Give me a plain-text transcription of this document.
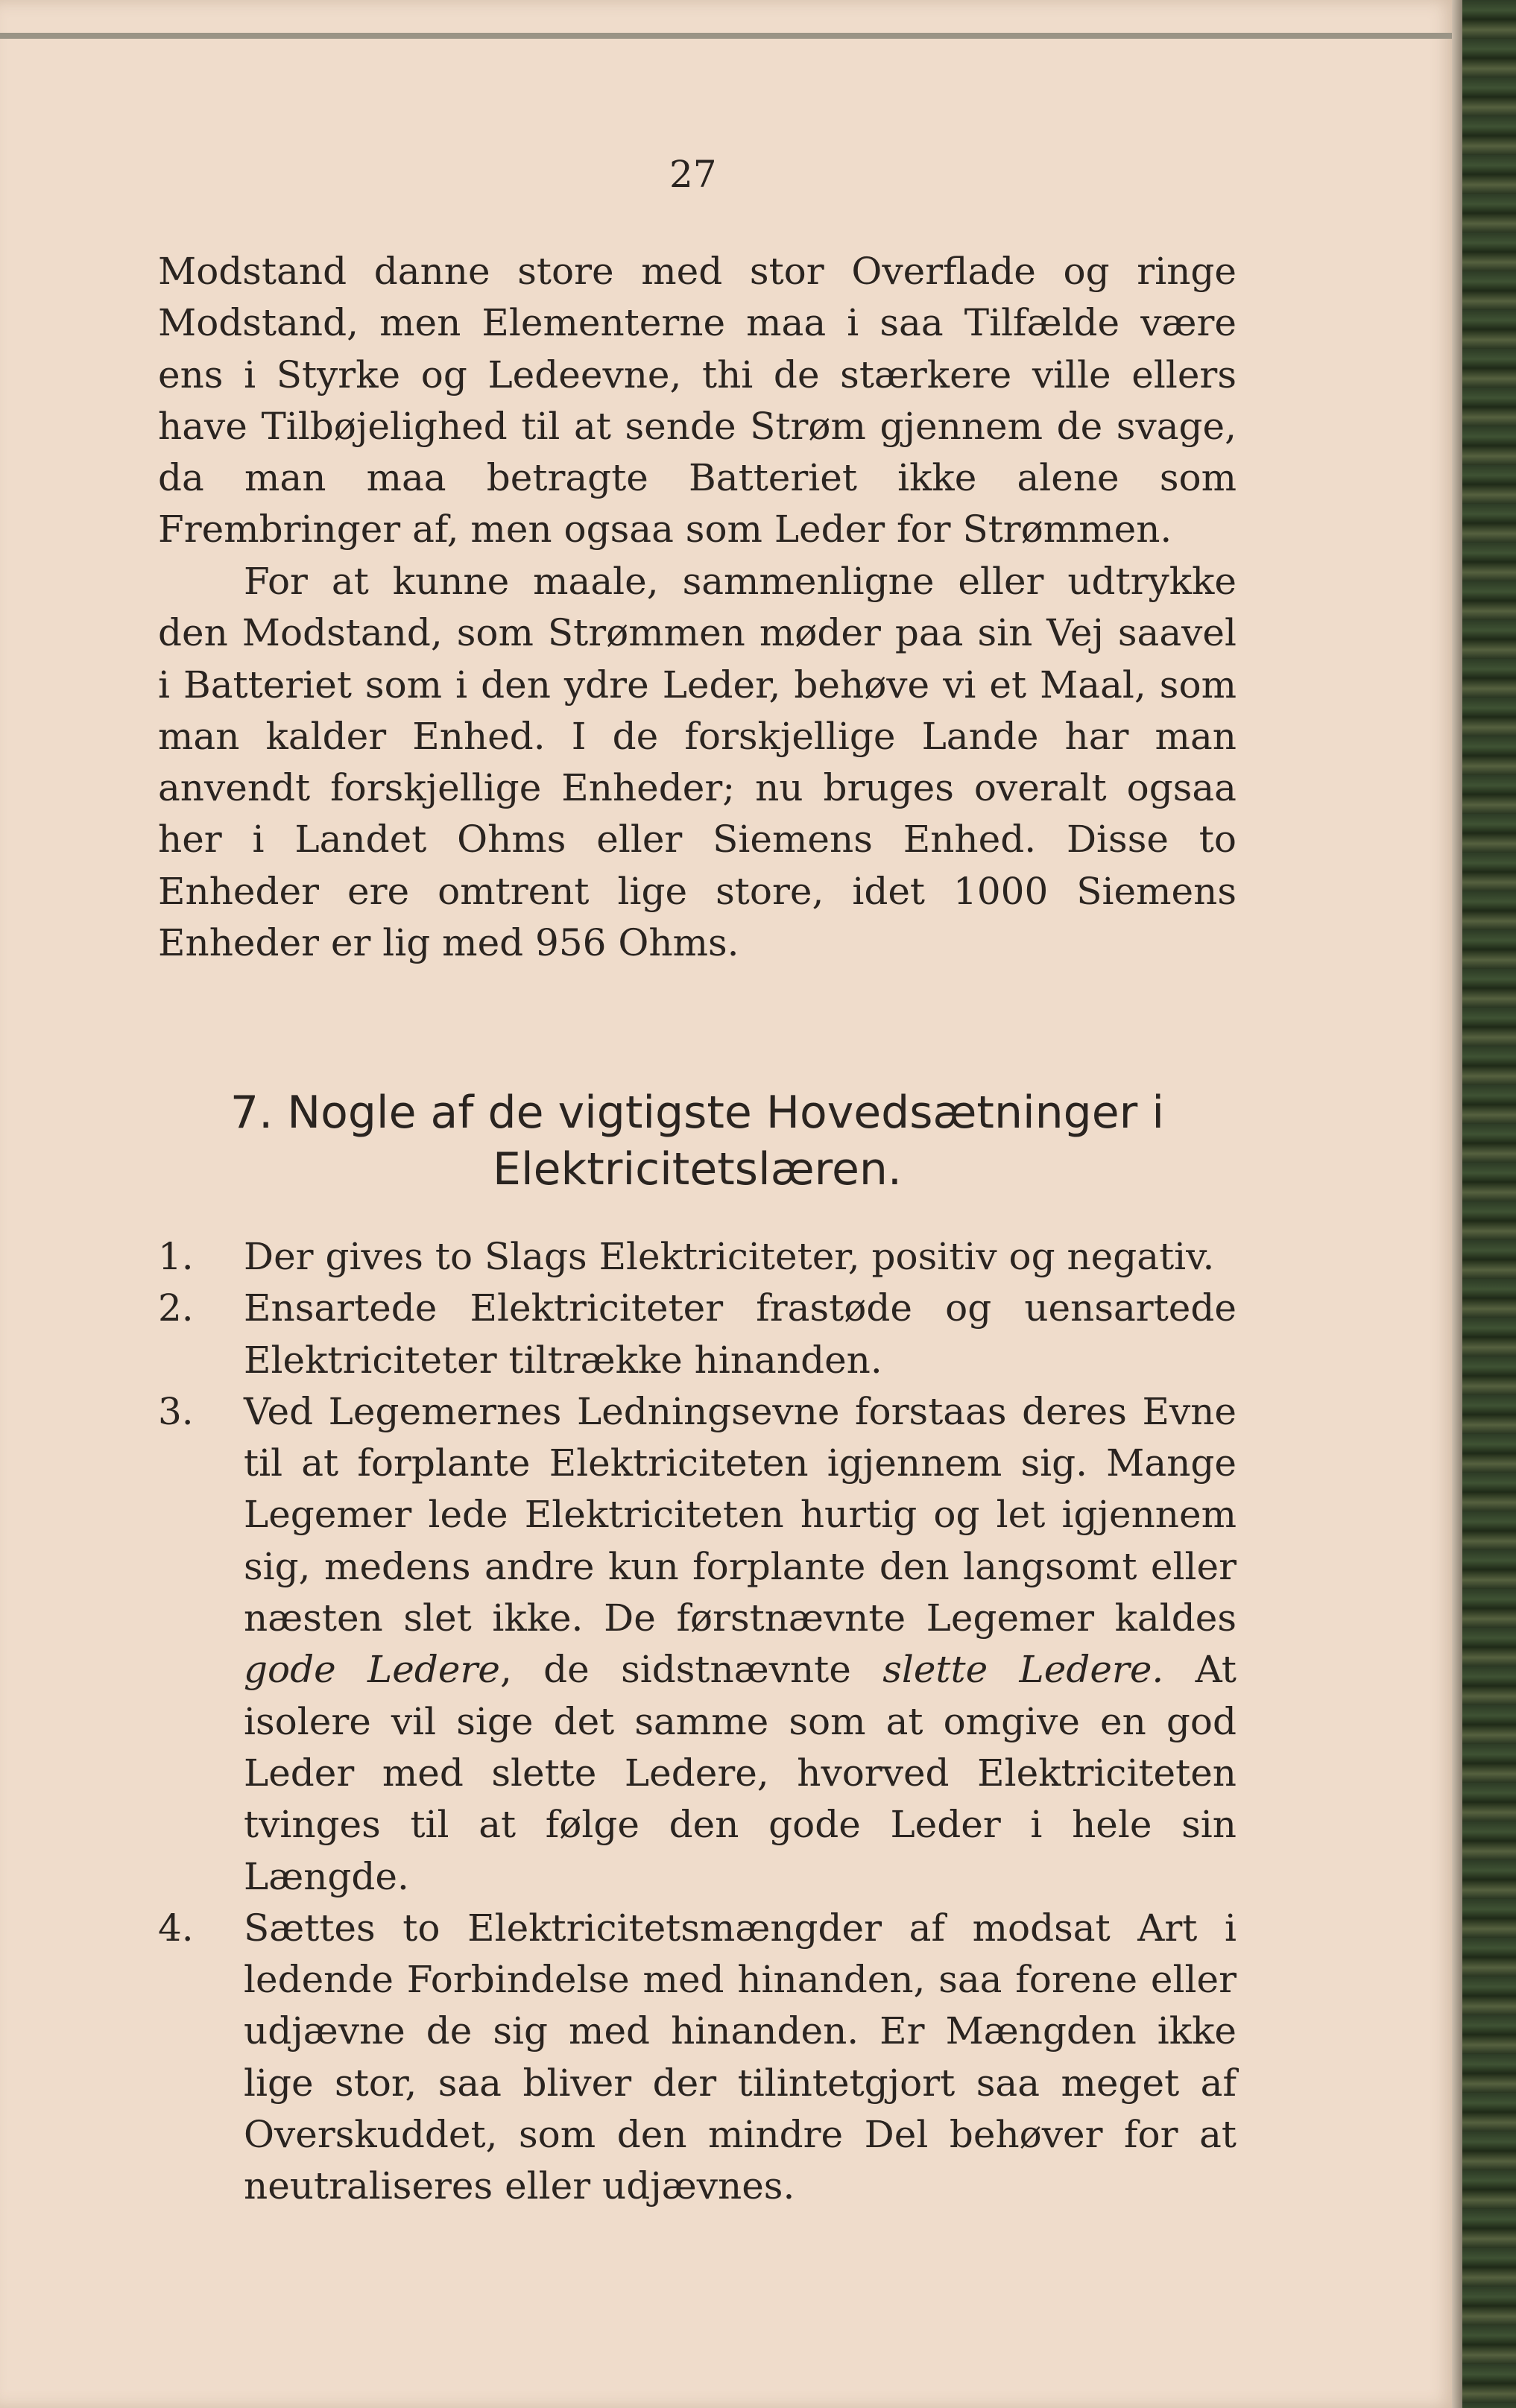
27

Modstand danne store med stor Overflade og ringe Modstand, men Elementerne maa i saa Tilfælde være ens i Styrke og Ledeevne, thi de stærkere ville ellers have Tilbøjelighed til at sende Strøm gjennem de svage, da man maa betragte Batteriet ikke alene som Frembringer af, men ogsaa som Leder for Strømmen.

For at kunne maale, sammenligne eller udtrykke den Modstand, som Strømmen møder paa sin Vej saavel i Batteriet som i den ydre Leder, behøve vi et Maal, som man kalder Enhed. I de forskjellige Lande har man anvendt forskjellige Enheder; nu bruges overalt ogsaa her i Landet Ohms eller Siemens Enhed. Disse to Enheder ere omtrent lige store, idet 1000 Siemens Enheder er lig med 956 Ohms.

7. Nogle af de vigtigste Hovedsætninger i
Elektricitetslæren.
1.	Der gives to Slags Elektriciteter, positiv og negativ.
2.	Ensartede Elektriciteter frastøde og uensartede Elektriciteter tiltrække hinanden.
3.	Ved Legemernes Ledningsevne forstaas deres Evne til at forplante Elektriciteten igjennem sig. Mange Legemer lede Elektriciteten hurtig og let igjennem sig, medens andre kun forplante den langsomt eller næsten slet ikke. De førstnævnte Legemer kaldes gode Ledere, de sidstnævnte slette Ledere. At isolere vil sige det samme som at omgive en god Leder med slette Ledere, hvorved Elektriciteten tvinges til at følge den gode Leder i hele sin Længde.
4.	Sættes to Elektricitetsmængder af modsat Art i ledende Forbindelse med hinanden, saa forene eller udjævne de sig med hinanden. Er Mængden ikke lige stor, saa bliver der tilintetgjort saa meget af Overskuddet, som den mindre Del behøver for at neutraliseres eller udjævnes.
